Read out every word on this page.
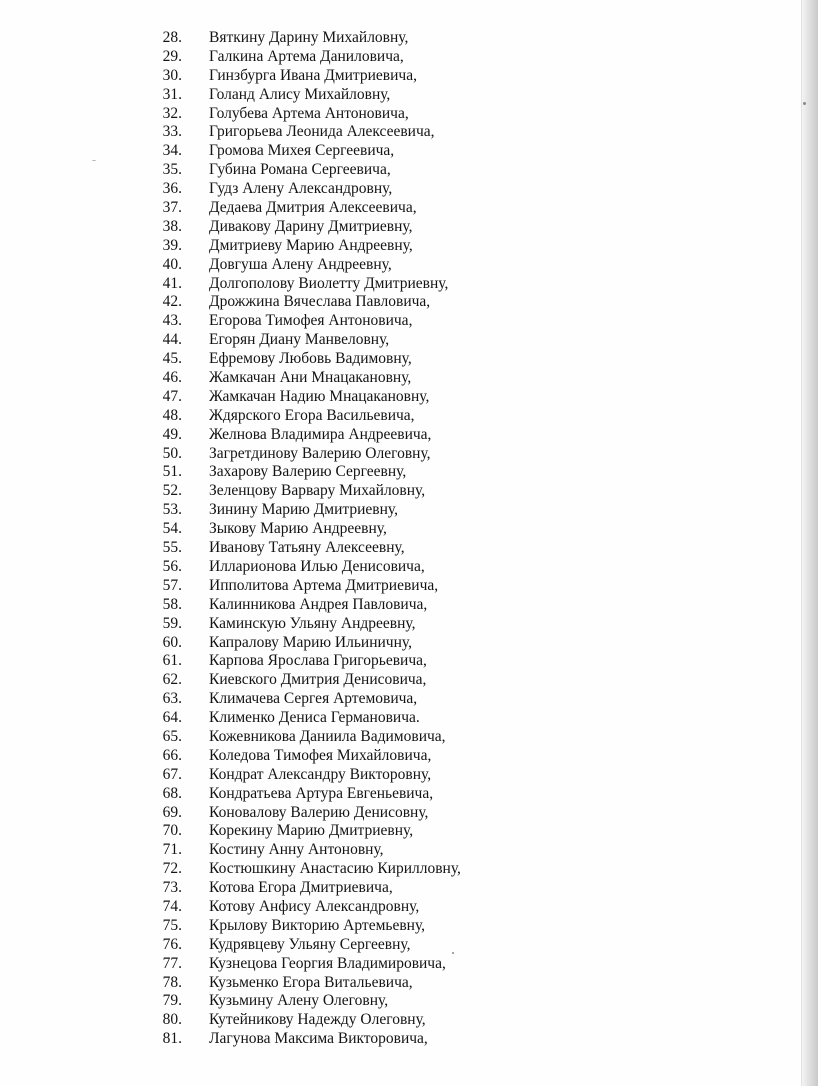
28. Вяткину Дарину Михайловну,
29. Галкина Артема Даниловича,
30. Гинзбурга Ивана Дмитриевича,
31. Голанд Алису Михайловну,
32. Голубева Артема Антоновича,
33. Григорьева Леонида Алексеевича,
34. Громова Михея Сергеевича,
35. Губина Романа Сергеевича,
36. Гудз Алену Александровну,
37. Дедаева Дмитрия Алексеевича,
38. Дивакову Дарину Дмитриевну,
39. Дмитриеву Марию Андреевну,
40. Довгуша Алену Андреевну,
41. Долгополову Виолетту Дмитриевну,
42. Дрожжина Вячеслава Павловича,
43. Егорова Тимофея Антоновича,
44. Егорян Диану Манвеловну,
45. Ефремову Любовь Вадимовну,
46. Жамкачан Ани Мнацакановну,
47. Жамкачан Надию Мнацакановну,
48. Ждярского Егора Васильевича,
49. Желнова Владимира Андреевича,
50. Загретдинову Валерию Олеговну,
51. Захарову Валерию Сергеевну,
52. Зеленцову Варвару Михайловну,
53. Зинину Марию Дмитриевну,
54. Зыкову Марию Андреевну,
55. Иванову Татьяну Алексеевну,
56. Илларионова Илью Денисовича,
57. Ипполитова Артема Дмитриевича,
58. Калинникова Андрея Павловича,
59. Каминскую Ульяну Андреевну,
60. Капралову Марию Ильиничну,
61. Карпова Ярослава Григорьевича,
62. Киевского Дмитрия Денисовича,
63. Климачева Сергея Артемовича,
64. Клименко Дениса Германовича.
65. Кожевникова Даниила Вадимовича,
66. Коледова Тимофея Михайловича,
67. Кондрат Александру Викторовну,
68. Кондратьева Артура Евгеньевича,
69. Коновалову Валерию Денисовну,
70. Корекину Марию Дмитриевну,
71. Костину Анну Антоновну,
72. Костюшкину Анастасию Кирилловну,
73. Котова Егора Дмитриевича,
74. Котову Анфису Александровну,
75. Крылову Викторию Артемьевну,
76. Кудрявцеву Ульяну Сергеевну,
77. Кузнецова Георгия Владимировича,
78. Кузьменко Егора Витальевича,
79. Кузьмину Алену Олеговну,
80. Кутейникову Надежду Олеговну,
81. Лагунова Максима Викторовича,
